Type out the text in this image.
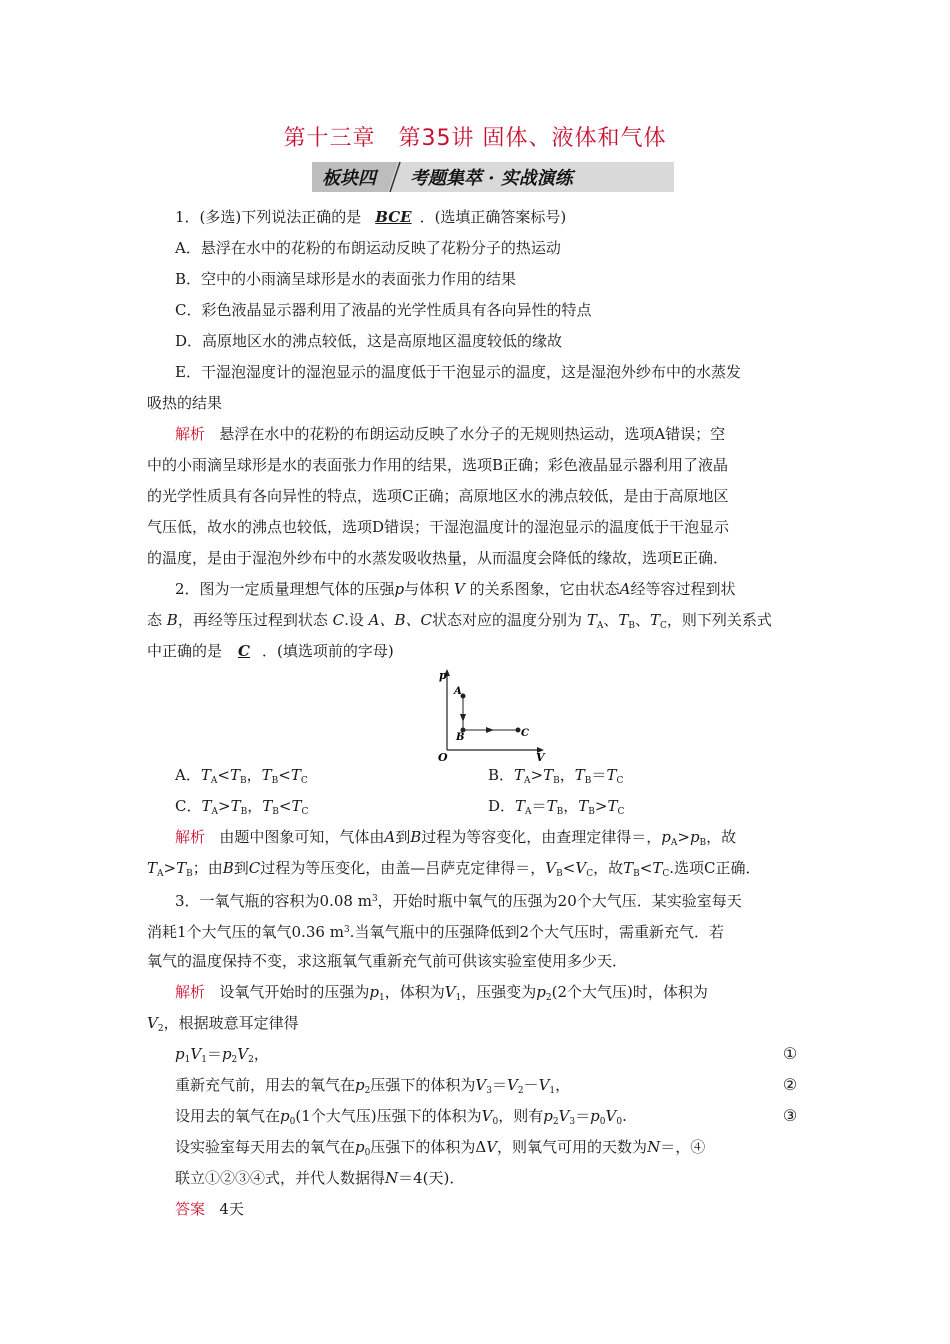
第十三章　第35讲 固体、液体和气体
板块四 考题集萃 · 实战演练
1．(多选)下列说法正确的是 BCE ．(选填正确答案标号)
A．悬浮在水中的花粉的布朗运动反映了花粉分子的热运动
B．空中的小雨滴呈球形是水的表面张力作用的结果
C．彩色液晶显示器利用了液晶的光学性质具有各向异性的特点
D．高原地区水的沸点较低，这是高原地区温度较低的缘故
E．干湿泡湿度计的湿泡显示的温度低于干泡显示的温度，这是湿泡外纱布中的水蒸发
吸热的结果
解析 悬浮在水中的花粉的布朗运动反映了水分子的无规则热运动，选项A错误；空
中的小雨滴呈球形是水的表面张力作用的结果，选项B正确；彩色液晶显示器利用了液晶
的光学性质具有各向异性的特点，选项C正确；高原地区水的沸点较低，是由于高原地区
气压低，故水的沸点也较低，选项D错误；干湿泡温度计的湿泡显示的温度低于干泡显示
的温度，是由于湿泡外纱布中的水蒸发吸收热量，从而温度会降低的缘故，选项E正确．
2．图为一定质量理想气体的压强p与体积 V 的关系图象，它由状态A经等容过程到状
态 B，再经等压过程到状态 C.设 A、B、C状态对应的温度分别为 $T_A$、$T_B$、$T_C$，则下列关系式
中正确的是 C ．(填选项前的字母)
p
V
O
A
B	C
A．$T_A<T_B$，$T_B<T_C$	B．$T_A>T_B$，$T_B=T_C$
C．$T_A>T_B$，$T_B<T_C$	D．$T_A=T_B$，$T_B>T_C$
解析 由题中图象可知，气体由A到B过程为等容变化，由查理定律得＝，$p_A>p_B$，故
$T_A>T_B$；由B到C过程为等压变化，由盖—吕萨克定律得＝，$V_B<V_C$，故$T_B<T_C$.选项C正确．
3．一氧气瓶的容积为0.08 $m^3$，开始时瓶中氧气的压强为20个大气压．某实验室每天
消耗1个大气压的氧气0.36 $m^3$.当氧气瓶中的压强降低到2个大气压时，需重新充气．若
氧气的温度保持不变，求这瓶氧气重新充气前可供该实验室使用多少天．
解析 设氧气开始时的压强为$p_1$，体积为$V_1$，压强变为$p_2(2$个大气压)时，体积为
$V_2$，根据玻意耳定律得
$p_1V_1=p_2V_2$，	①
重新充气前，用去的氧气在$p_2$压强下的体积为$V_3=V_2-V_1$，	②
设用去的氧气在$p_0(1$个大气压)压强下的体积为$V_0$，则有$p_2V_3=p_0V_0$.	③
设实验室每天用去的氧气在$p_0$压强下的体积为ΔV，则氧气可用的天数为N＝，④
联立①②③④式，并代人数据得N＝4(天)．
答案 4天
